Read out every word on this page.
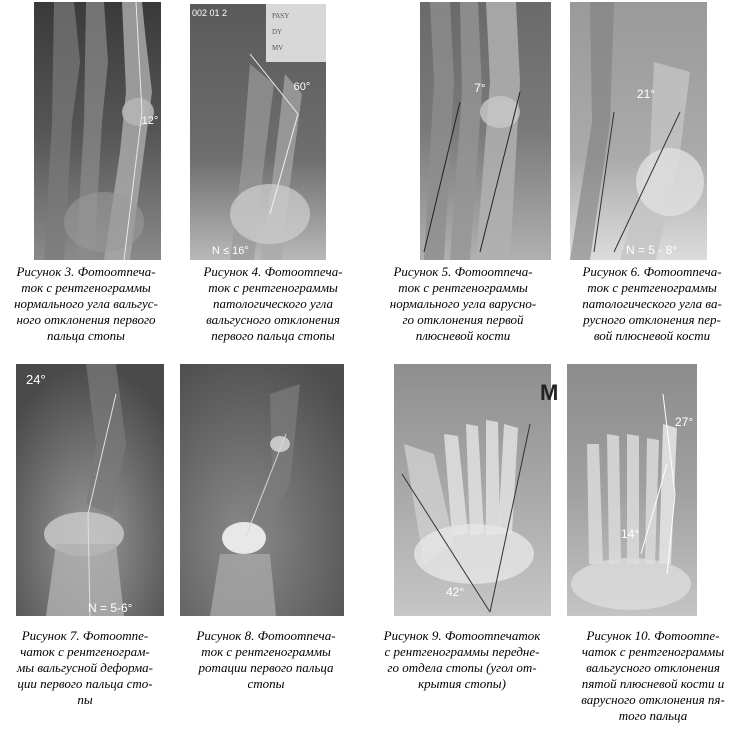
12°
002 01 2	PASY
DY
MV
60°
N ≤ 16°
7°	21°
N = 5 - 8°
Рисунок 3. Фотоотпеча-
ток с рентгенограммы
нормального угла вальгус-
ного отклонения первого
пальца стопы
Рисунок 4. Фотоотпеча-
ток с рентгенограммы
патологического угла
вальгусного отклонения
первого пальца стопы
Рисунок 5. Фотоотпеча-
ток с рентгенограммы
нормального угла варусно-
го отклонения первой
плюсневой кости
Рисунок 6. Фотоотпеча-
ток с рентгенограммы
патологического угла ва-
русного отклонения пер-
вой плюсневой кости
24°
N = 5-6°
M
42°
27°
14°
Рисунок 7. Фотоотпе-
чаток с рентгенограм-
мы вальгусной деформа-
ции первого пальца сто-
пы
Рисунок 8. Фотоотпеча-
ток с рентгенограммы
ротации первого пальца
стопы
Рисунок 9. Фотоотпечаток
с рентгенограммы передне-
го отдела стопы (угол от-
крытия стопы)
Рисунок 10. Фотоотпе-
чаток с рентгенограммы
вальгусного отклонения
пятой плюсневой кости и
варусного отклонения пя-
того пальца
